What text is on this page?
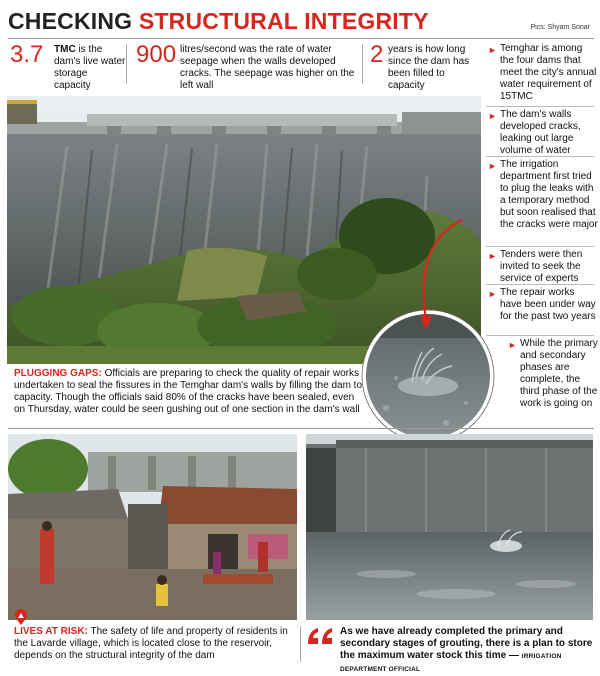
CHECKING STRUCTURAL INTEGRITY	Pics: Shyam Sonar
3.7 TMC is the dam's live water storage capacity
900 litres/second was the rate of water seepage when the walls developed cracks. The seepage was higher on the left wall
2 years is how long since the dam has been filled to capacity
► Temghar is among the four dams that meet the city's annual water requirement of 15TMC
► The dam's walls developed cracks, leaking out large volume of water
► The irrigation department first tried to plug the leaks with a temporary method but soon realised that the cracks were major
► Tenders were then invited to seek the service of experts
► The repair works have been under way for the past two years
► While the primary and secondary phases are complete, the third phase of the work is going on
PLUGGING GAPS: Officials are preparing to check the quality of repair works undertaken to seal the fissures in the Temghar dam's walls by filling the dam to capacity. Though the officials said 80% of the cracks have been sealed, even on Thursday, water could be seen gushing out of one section in the dam's wall
LIVES AT RISK: The safety of life and property of residents in the Lavarde village, which is located close to the reservoir, depends on the structural integrity of the dam
As we have already completed the primary and secondary stages of grouting, there is a plan to store the maximum water stock this time — IRRIGATION DEPARTMENT OFFICIAL
